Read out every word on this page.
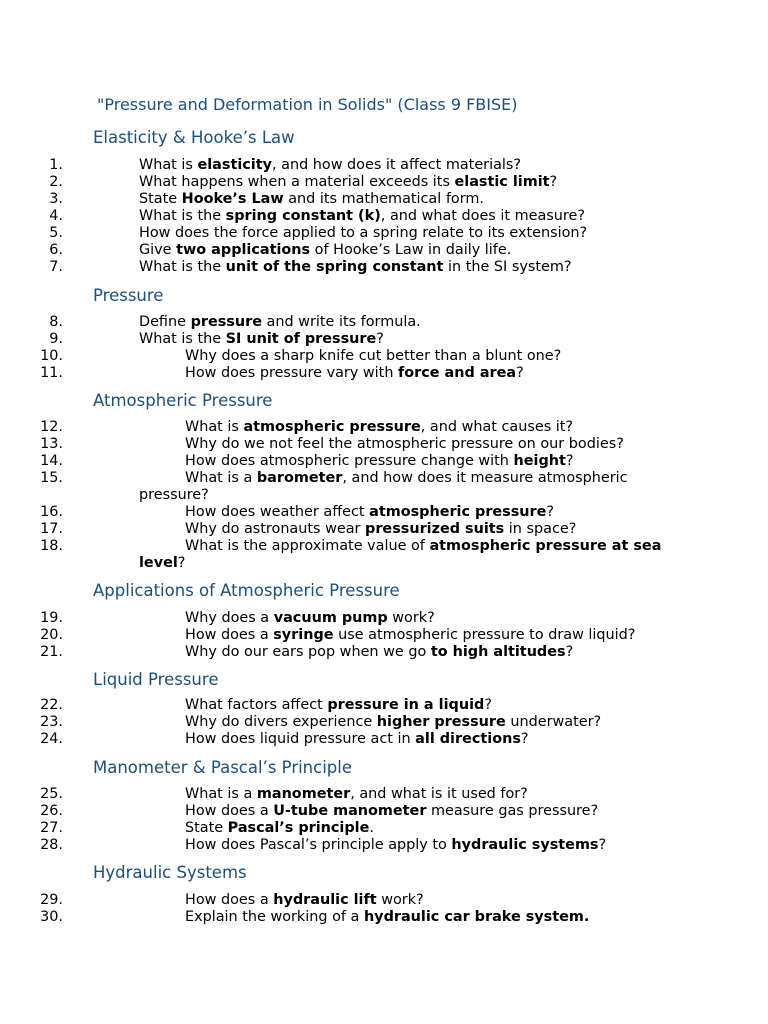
"Pressure and Deformation in Solids" (Class 9 FBISE)
Elasticity & Hooke’s Law
1.	What is elasticity, and how does it affect materials?
2.	What happens when a material exceeds its elastic limit?
3.	State Hooke’s Law and its mathematical form.
4.	What is the spring constant (k), and what does it measure?
5.	How does the force applied to a spring relate to its extension?
6.	Give two applications of Hooke’s Law in daily life.
7.	What is the unit of the spring constant in the SI system?
Pressure
8.	Define pressure and write its formula.
9.	What is the SI unit of pressure?
10.	Why does a sharp knife cut better than a blunt one?
11.	How does pressure vary with force and area?
Atmospheric Pressure
12.	What is atmospheric pressure, and what causes it?
13.	Why do we not feel the atmospheric pressure on our bodies?
14.	How does atmospheric pressure change with height?
15.	What is a barometer, and how does it measure atmospheric pressure?
16.	How does weather affect atmospheric pressure?
17.	Why do astronauts wear pressurized suits in space?
18.	What is the approximate value of atmospheric pressure at sea level?
Applications of Atmospheric Pressure
19.	Why does a vacuum pump work?
20.	How does a syringe use atmospheric pressure to draw liquid?
21.	Why do our ears pop when we go to high altitudes?
Liquid Pressure
22.	What factors affect pressure in a liquid?
23.	Why do divers experience higher pressure underwater?
24.	How does liquid pressure act in all directions?
Manometer & Pascal’s Principle
25.	What is a manometer, and what is it used for?
26.	How does a U-tube manometer measure gas pressure?
27.	State Pascal’s principle.
28.	How does Pascal’s principle apply to hydraulic systems?
Hydraulic Systems
29.	How does a hydraulic lift work?
30.	Explain the working of a hydraulic car brake system.
